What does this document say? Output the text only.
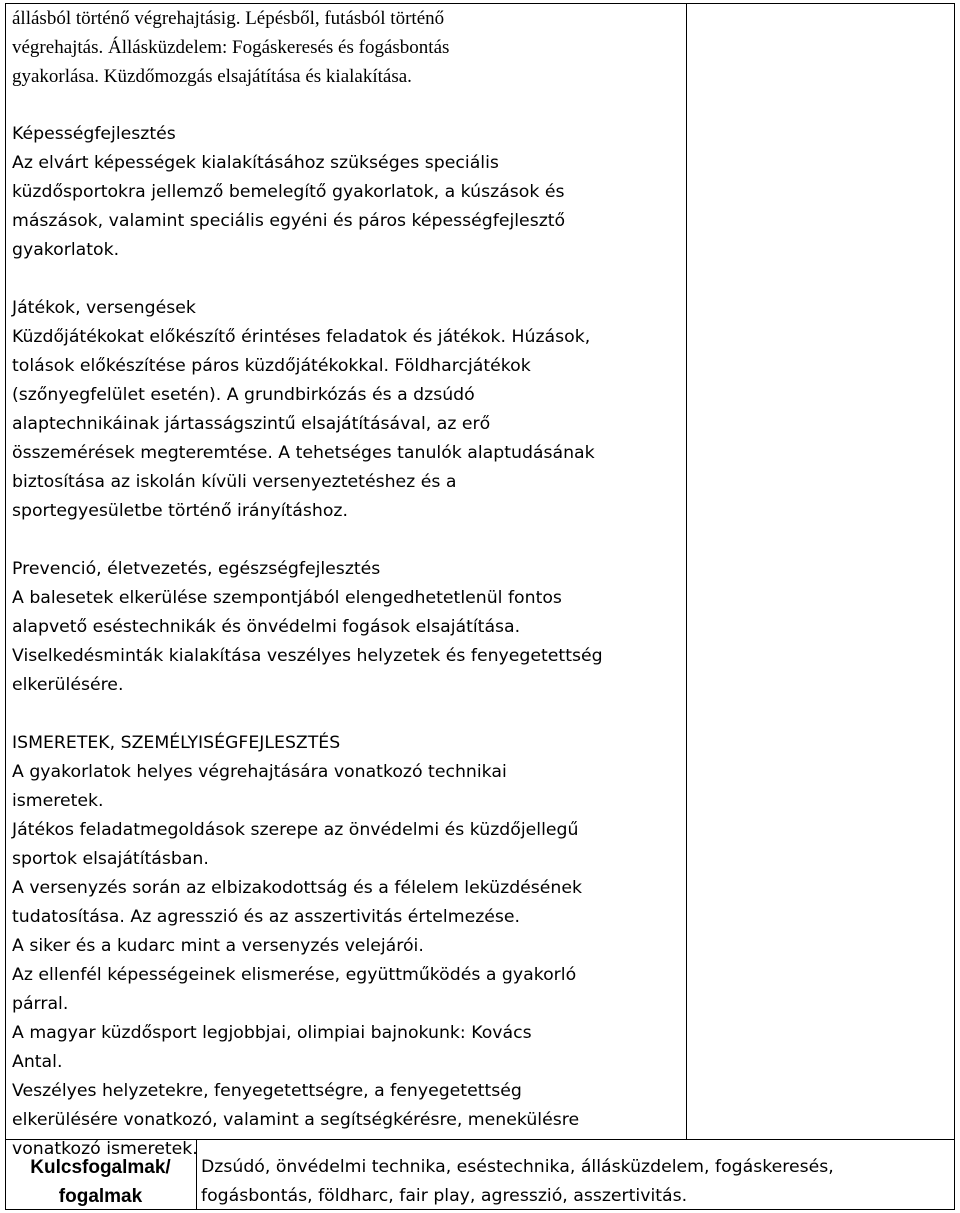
állásból történő végrehajtásig. Lépésből, futásból történő

végrehajtás. Állásküzdelem: Fogáskeresés és fogásbontás

gyakorlása. Küzdőmozgás elsajátítása és kialakítása.

Képességfejlesztés

Az elvárt képességek kialakításához szükséges speciális

küzdősportokra jellemző bemelegítő gyakorlatok, a kúszások és

mászások, valamint speciális egyéni és páros képességfejlesztő

gyakorlatok.

Játékok, versengések

Küzdőjátékokat előkészítő érintéses feladatok és játékok. Húzások,

tolások előkészítése páros küzdőjátékokkal. Földharcjátékok

(szőnyegfelület esetén). A grundbirkózás és a dzsúdó

alaptechnikáinak jártasságszintű elsajátításával, az erő

összemérések megteremtése. A tehetséges tanulók alaptudásának

biztosítása az iskolán kívüli versenyeztetéshez és a

sportegyesületbe történő irányításhoz.

Prevenció, életvezetés, egészségfejlesztés

A balesetek elkerülése szempontjából elengedhetetlenül fontos

alapvető eséstechnikák és önvédelmi fogások elsajátítása.

Viselkedésminták kialakítása veszélyes helyzetek és fenyegetettség

elkerülésére.

ISMERETEK, SZEMÉLYISÉGFEJLESZTÉS

A gyakorlatok helyes végrehajtására vonatkozó technikai

ismeretek.

Játékos feladatmegoldások szerepe az önvédelmi és küzdőjellegű

sportok elsajátításban.

A versenyzés során az elbizakodottság és a félelem leküzdésének

tudatosítása. Az agresszió és az asszertivitás értelmezése.

A siker és a kudarc mint a versenyzés velejárói.

Az ellenfél képességeinek elismerése, együttműködés a gyakorló

párral.

A magyar küzdősport legjobbjai, olimpiai bajnokunk: Kovács

Antal.

Veszélyes helyzetekre, fenyegetettségre, a fenyegetettség

elkerülésére vonatkozó, valamint a segítségkérésre, menekülésre

vonatkozó ismeretek.

Kulcsfogalmak/
fogalmak
Dzsúdó, önvédelmi technika, eséstechnika, állásküzdelem, fogáskeresés,
fogásbontás, földharc, fair play, agresszió, asszertivitás.
